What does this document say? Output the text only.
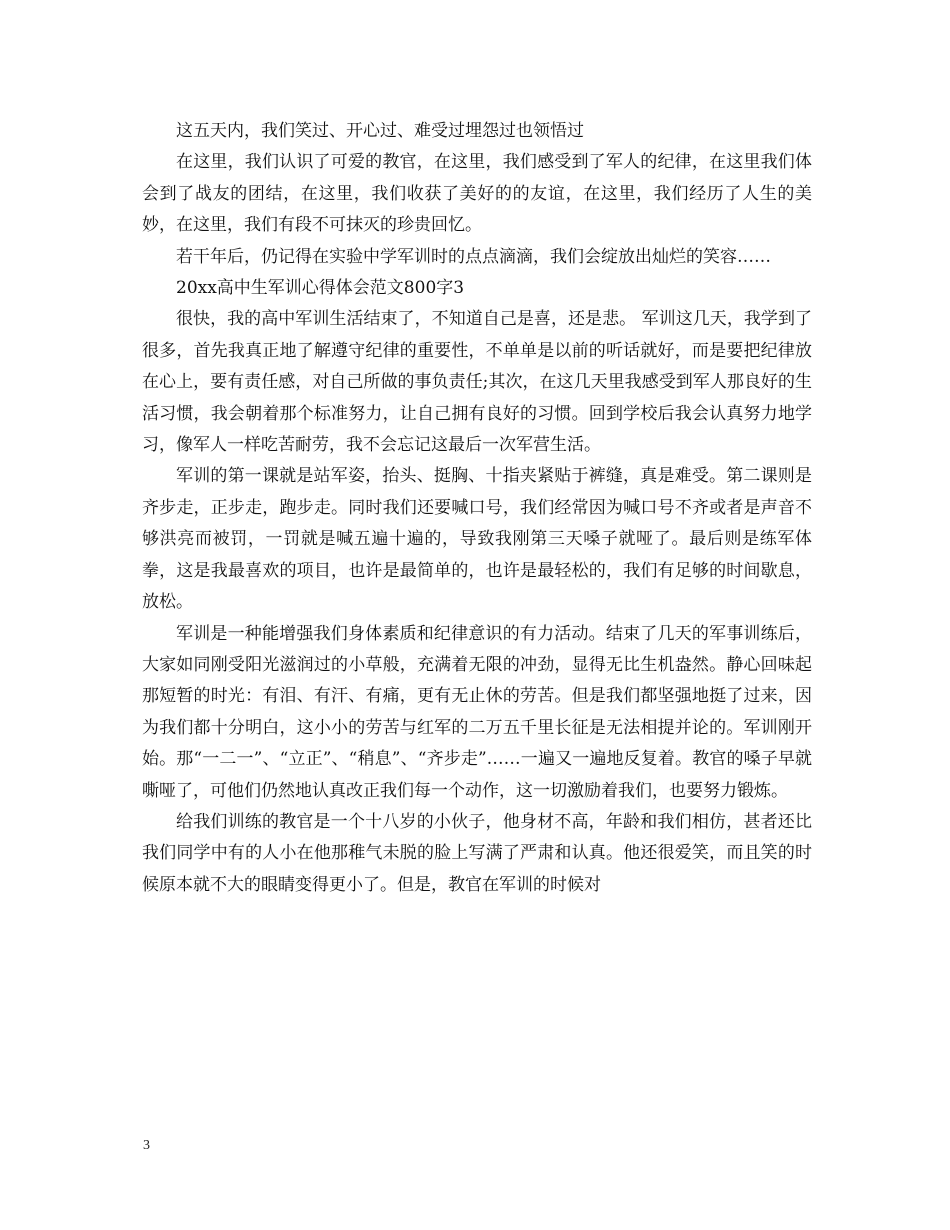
这五天内，我们笑过、开心过、难受过埋怨过也领悟过

在这里，我们认识了可爱的教官，在这里，我们感受到了军人的纪律，在这里我们体会到了战友的团结，在这里，我们收获了美好的的友谊，在这里，我们经历了人生的美妙，在这里，我们有段不可抹灭的珍贵回忆。

若干年后，仍记得在实验中学军训时的点点滴滴，我们会绽放出灿烂的笑容……

20xx高中生军训心得体会范文800字3

很快，我的高中军训生活结束了，不知道自己是喜，还是悲。 军训这几天，我学到了很多，首先我真正地了解遵守纪律的重要性，不单单是以前的听话就好，而是要把纪律放在心上，要有责任感，对自己所做的事负责任;其次，在这几天里我感受到军人那良好的生活习惯，我会朝着那个标准努力，让自己拥有良好的习惯。回到学校后我会认真努力地学习，像军人一样吃苦耐劳，我不会忘记这最后一次军营生活。

军训的第一课就是站军姿，抬头、挺胸、十指夹紧贴于裤缝，真是难受。第二课则是齐步走，正步走，跑步走。同时我们还要喊口号，我们经常因为喊口号不齐或者是声音不够洪亮而被罚，一罚就是喊五遍十遍的，导致我刚第三天嗓子就哑了。最后则是练军体拳，这是我最喜欢的项目，也许是最简单的，也许是最轻松的，我们有足够的时间歇息，放松。

军训是一种能增强我们身体素质和纪律意识的有力活动。结束了几天的军事训练后，大家如同刚受阳光滋润过的小草般，充满着无限的冲劲，显得无比生机盎然。静心回味起那短暂的时光：有泪、有汗、有痛，更有无止休的劳苦。但是我们都坚强地挺了过来，因为我们都十分明白，这小小的劳苦与红军的二万五千里长征是无法相提并论的。军训刚开始。那“一二一”、“立正”、“稍息”、“齐步走”……一遍又一遍地反复着。教官的嗓子早就嘶哑了，可他们仍然地认真改正我们每一个动作，这一切激励着我们，也要努力锻炼。

给我们训练的教官是一个十八岁的小伙子，他身材不高，年龄和我们相仿，甚者还比我们同学中有的人小在他那稚气未脱的脸上写满了严肃和认真。他还很爱笑，而且笑的时候原本就不大的眼睛变得更小了。但是，教官在军训的时候对

3
